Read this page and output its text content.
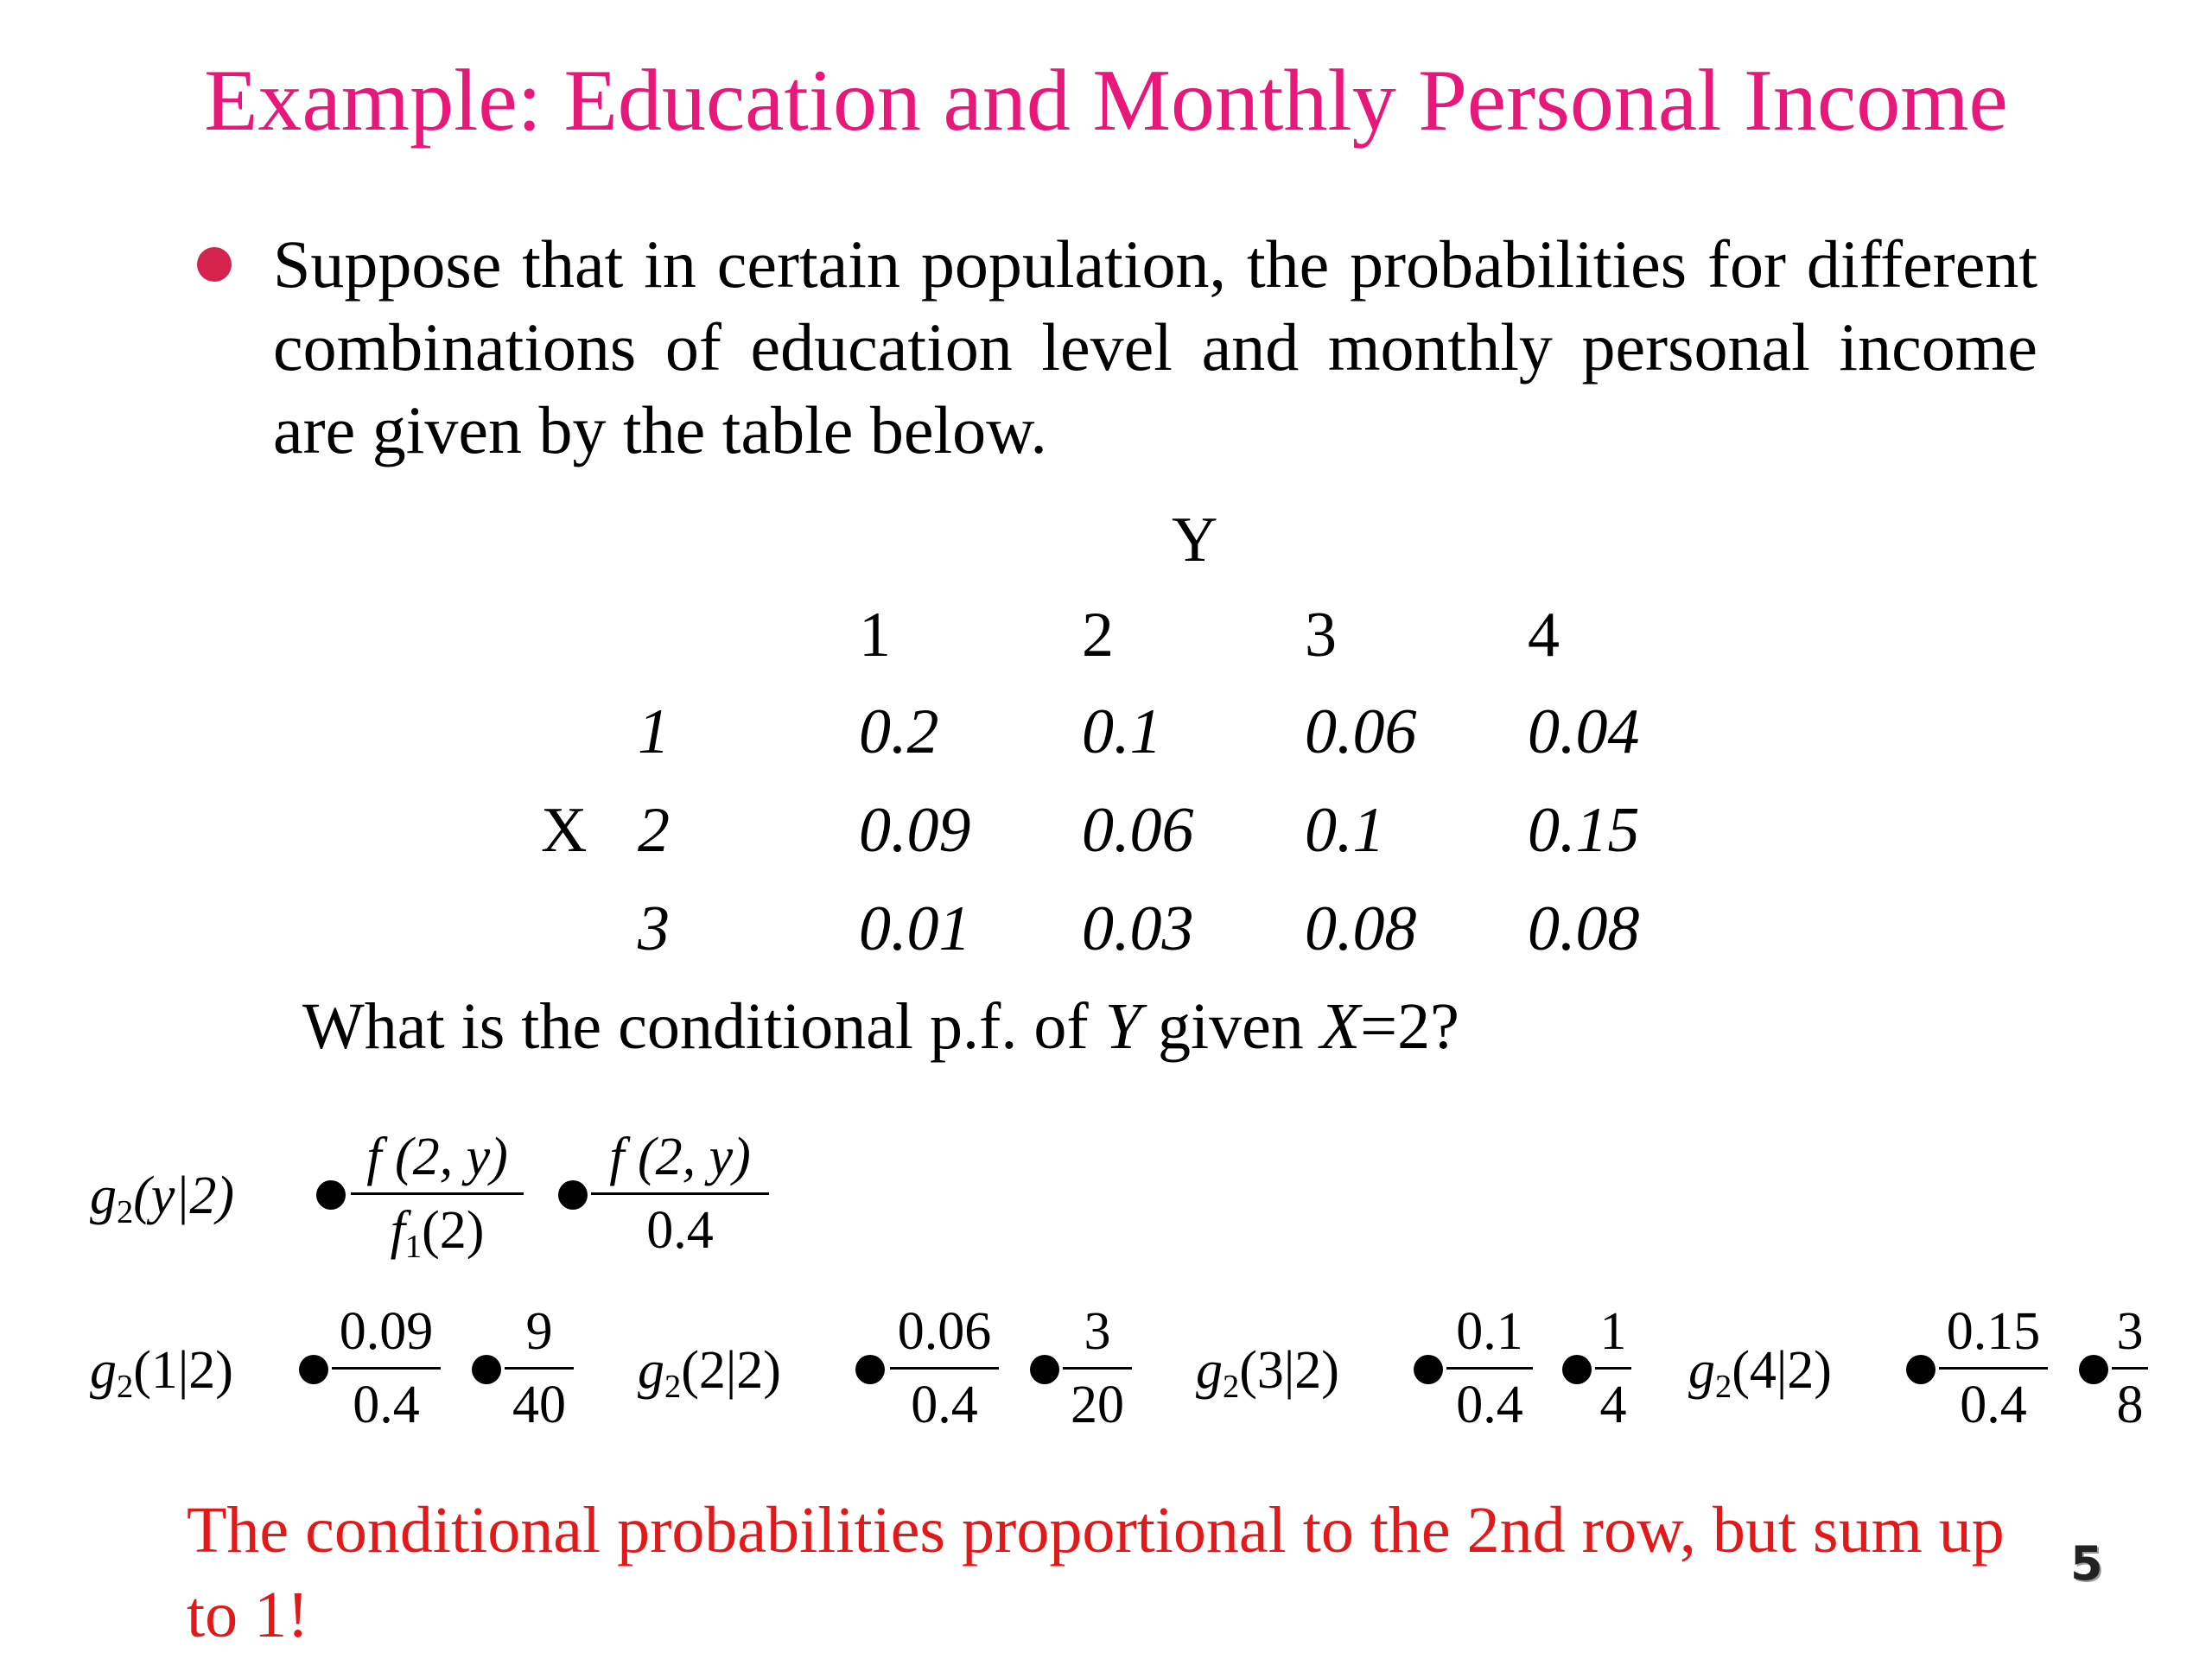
Example: Education and Monthly Personal Income
Suppose that in certain population, the probabilities for different combinations of education level and monthly personal income are given by the table below.
Y
1	2	3	4
X
1	0.2 0.1 0.06 0.04
2	0.09 0.06 0.1 0.15
3	0.01 0.03 0.08 0.08
What is the conditional p.f. of Y given X=2?
$g_2(y|2)$
f (2, y)
$f_1(2)$
f (2, y)
0.4
$g_2(1|2)$
0.09
0.4
9
40
$g_2(2|2)$
0.06
0.4
3
20
$g_2(3|2)$
0.1
0.4
1
4
$g_2(4|2)$
0.15
0.4
3
8
The conditional probabilities proportional to the 2nd row, but sum up to 1!
5
